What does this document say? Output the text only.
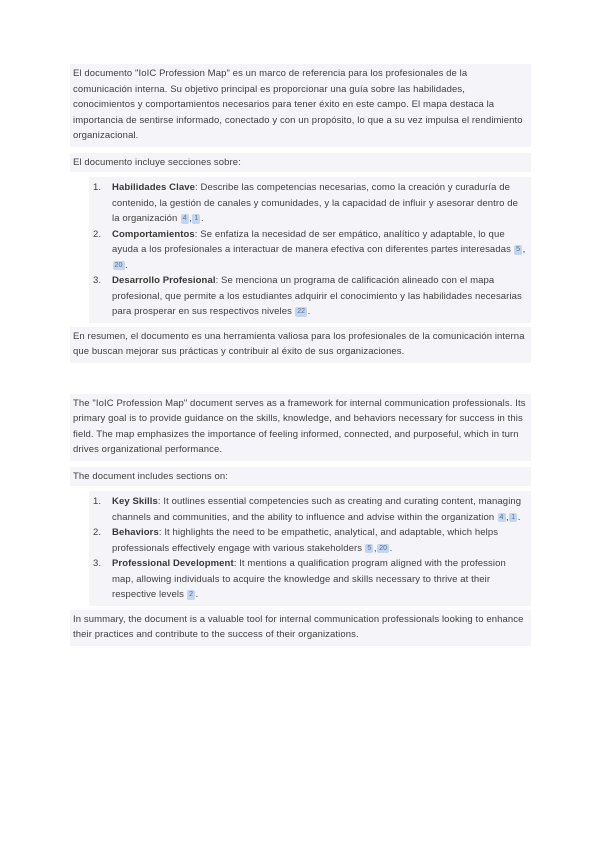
El documento "IoIC Profession Map" es un marco de referencia para los profesionales de la comunicación interna. Su objetivo principal es proporcionar una guía sobre las habilidades, conocimientos y comportamientos necesarios para tener éxito en este campo. El mapa destaca la importancia de sentirse informado, conectado y con un propósito, lo que a su vez impulsa el rendimiento organizacional.

El documento incluye secciones sobre:

1.	Habilidades Clave: Describe las competencias necesarias, como la creación y curaduría de contenido, la gestión de canales y comunidades, y la capacidad de influir y asesorar dentro de la organización 4 , 1 .
2.	Comportamientos: Se enfatiza la necesidad de ser empático, analítico y adaptable, lo que ayuda a los profesionales a interactuar de manera efectiva con diferentes partes interesadas 5 ,20 .
3.	Desarrollo Profesional: Se menciona un programa de calificación alineado con el mapa profesional, que permite a los estudiantes adquirir el conocimiento y las habilidades necesarias para prosperar en sus respectivos niveles 22 .

En resumen, el documento es una herramienta valiosa para los profesionales de la comunicación interna que buscan mejorar sus prácticas y contribuir al éxito de sus organizaciones.

The "IoIC Profession Map" document serves as a framework for internal communication professionals. Its primary goal is to provide guidance on the skills, knowledge, and behaviors necessary for success in this field. The map emphasizes the importance of feeling informed, connected, and purposeful, which in turn drives organizational performance.

The document includes sections on:

1.	Key Skills: It outlines essential competencies such as creating and curating content, managing channels and communities, and the ability to influence and advise within the organization 4 , 1 .
2.	Behaviors: It highlights the need to be empathetic, analytical, and adaptable, which helps professionals effectively engage with various stakeholders 5 , 20 .
3.	Professional Development: It mentions a qualification program aligned with the profession map, allowing individuals to acquire the knowledge and skills necessary to thrive at their respective levels 2 .

In summary, the document is a valuable tool for internal communication professionals looking to enhance their practices and contribute to the success of their organizations.
